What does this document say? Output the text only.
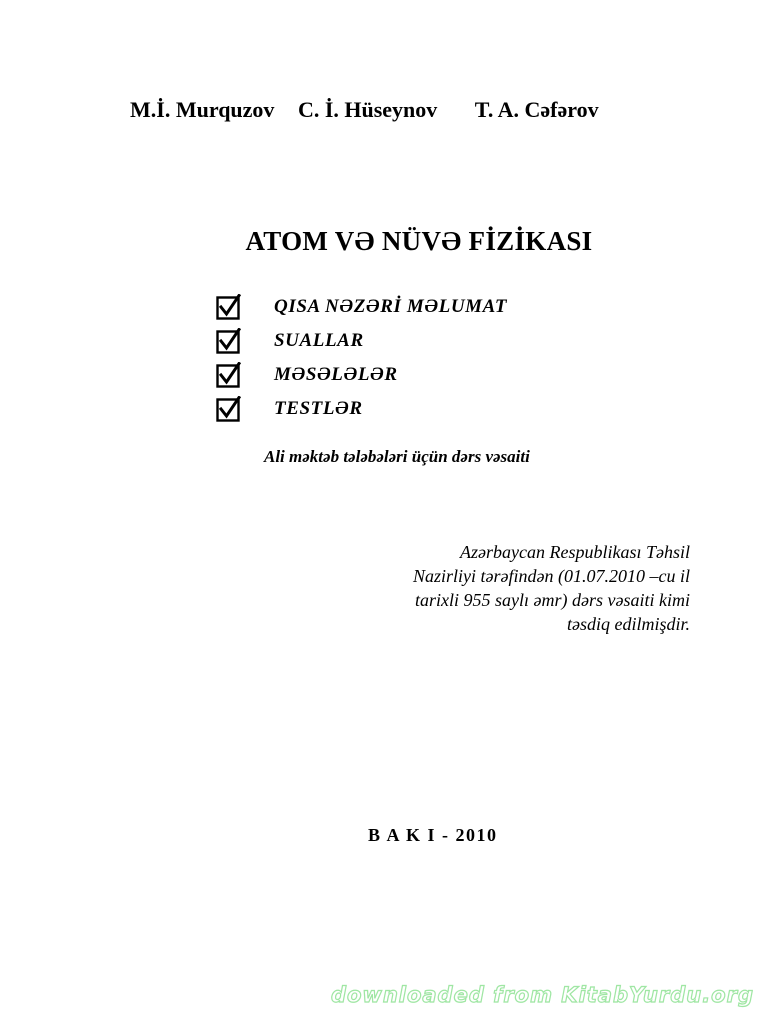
M.İ. Murquzov C. İ. Hüseynov T. A. Cəfərov
ATOM VƏ NÜVƏ FİZİKASI
QISA NƏZƏRİ MƏLUMAT
SUALLAR
MƏSƏLƏLƏR
TESTLƏR
Ali məktəb tələbələri üçün dərs vəsaiti
Azərbaycan Respublikası Təhsil
Nazirliyi tərəfindən (01.07.2010 –cu il
tarixli 955 saylı əmr) dərs vəsaiti kimi
təsdiq edilmişdir.
B A K I - 2010
downloaded from KitabYurdu.org
